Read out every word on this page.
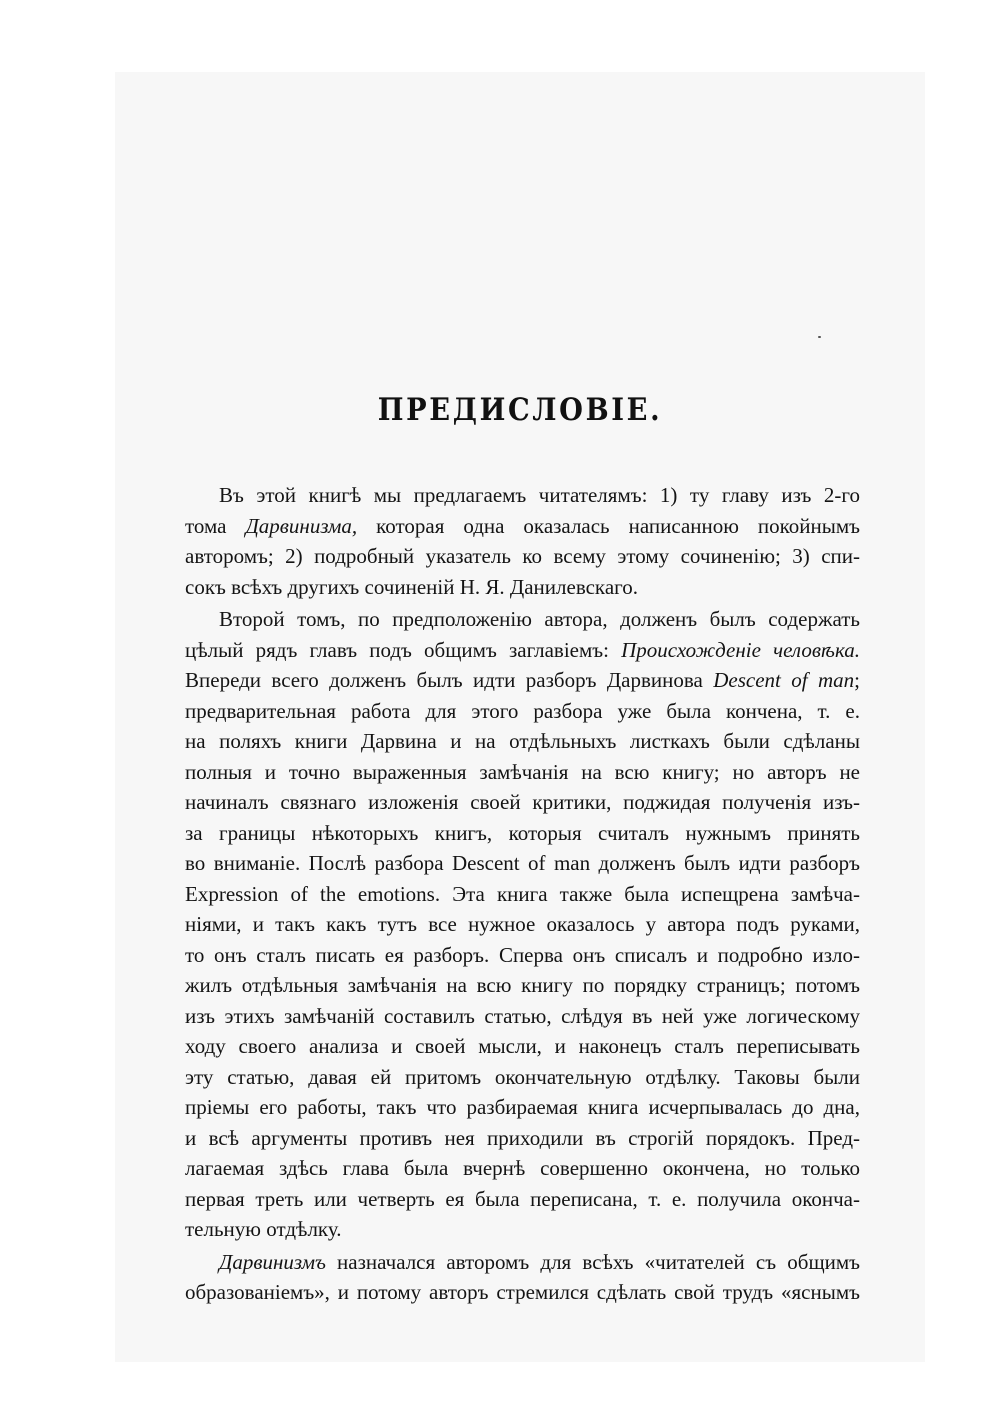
ПРЕДИСЛОВІЕ.
Въ этой книгѣ мы предлагаемъ читателямъ: 1) ту главу изъ 2-го
тома Дарвинизма, которая одна оказалась написанною покойнымъ
авторомъ; 2) подробный указатель ко всему этому сочиненію; 3) спи-
сокъ всѣхъ другихъ сочиненій Н. Я. Данилевскаго.
Второй томъ, по предположенію автора, долженъ былъ содержать
цѣлый рядъ главъ подъ общимъ заглавіемъ: Происхожденіе человѣка.
Впереди всего долженъ былъ идти разборъ Дарвинова Descent of man;
предварительная работа для этого разбора уже была кончена, т. е.
на поляхъ книги Дарвина и на отдѣльныхъ листкахъ были сдѣланы
полныя и точно выраженныя замѣчанія на всю книгу; но авторъ не
начиналъ связнаго изложенія своей критики, поджидая полученія изъ-
за границы нѣкоторыхъ книгъ, которыя считалъ нужнымъ принять
во вниманіе. Послѣ разбора Descent of man долженъ былъ идти разборъ
Expression of the emotions. Эта книга также была испещрена замѣча-
ніями, и такъ какъ тутъ все нужное оказалось у автора подъ руками,
то онъ сталъ писать ея разборъ. Сперва онъ списалъ и подробно изло-
жилъ отдѣльныя замѣчанія на всю книгу по порядку страницъ; потомъ
изъ этихъ замѣчаній составилъ статью, слѣдуя въ ней уже логическому
ходу своего анализа и своей мысли, и наконецъ сталъ переписывать
эту статью, давая ей притомъ окончательную отдѣлку. Таковы были
пріемы его работы, такъ что разбираемая книга исчерпывалась до дна,
и всѣ аргументы противъ нея приходили въ строгій порядокъ. Пред-
лагаемая здѣсь глава была вчернѣ совершенно окончена, но только
первая треть или четверть ея была переписана, т. е. получила оконча-
тельную отдѣлку.
Дарвинизмъ назначался авторомъ для всѣхъ «читателей съ общимъ
образованіемъ», и потому авторъ стремился сдѣлать свой трудъ «яснымъ
